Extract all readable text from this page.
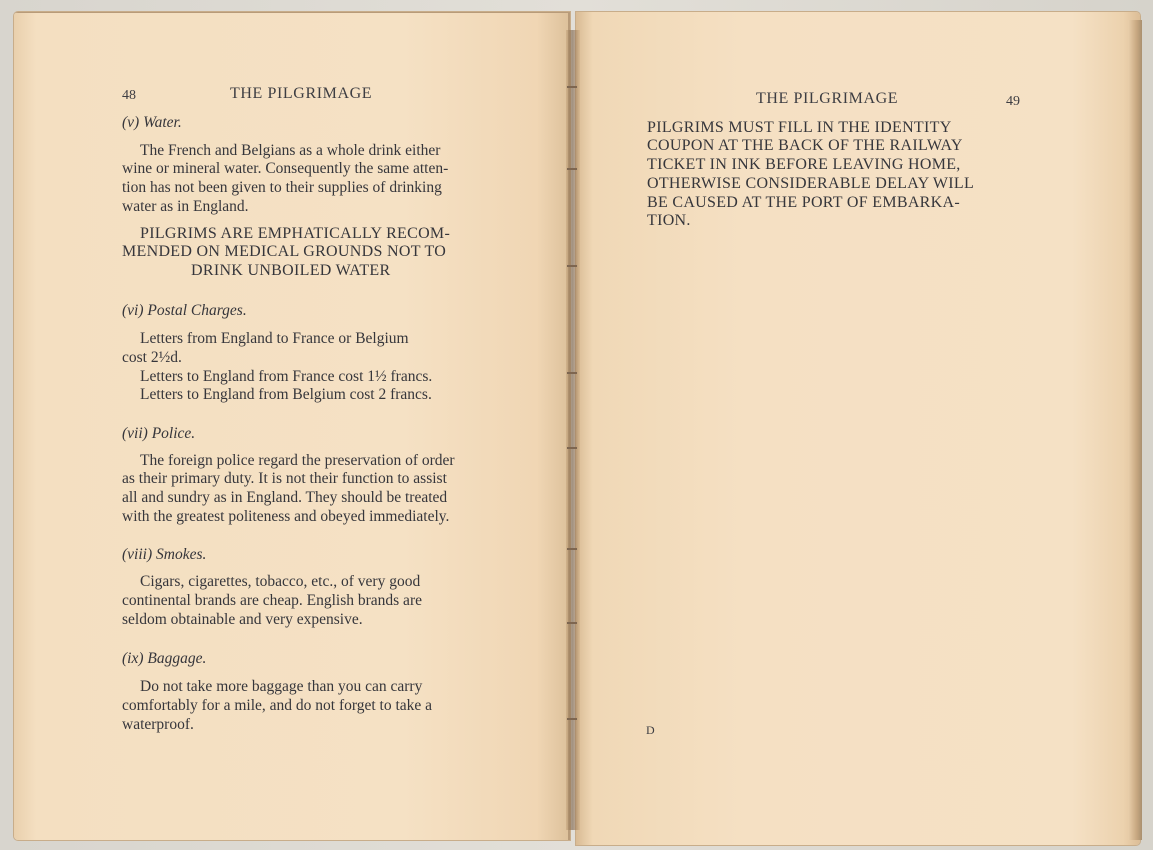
48	THE PILGRIMAGE
(v) Water.
The French and Belgians as a whole drink either
wine or mineral water. Consequently the same atten-
tion has not been given to their supplies of drinking
water as in England.
PILGRIMS ARE EMPHATICALLY RECOM-
MENDED ON MEDICAL GROUNDS NOT TO
DRINK UNBOILED WATER
(vi) Postal Charges.
Letters from England to France or Belgium
cost 2½d.
Letters to England from France cost 1½ francs.
Letters to England from Belgium cost 2 francs.
(vii) Police.
The foreign police regard the preservation of order
as their primary duty. It is not their function to assist
all and sundry as in England. They should be treated
with the greatest politeness and obeyed immediately.
(viii) Smokes.
Cigars, cigarettes, tobacco, etc., of very good
continental brands are cheap. English brands are
seldom obtainable and very expensive.
(ix) Baggage.
Do not take more baggage than you can carry
comfortably for a mile, and do not forget to take a
waterproof.
THE PILGRIMAGE	49
PILGRIMS MUST FILL IN THE IDENTITY
COUPON AT THE BACK OF THE RAILWAY
TICKET IN INK BEFORE LEAVING HOME,
OTHERWISE CONSIDERABLE DELAY WILL
BE CAUSED AT THE PORT OF EMBARKA-
TION.
D
